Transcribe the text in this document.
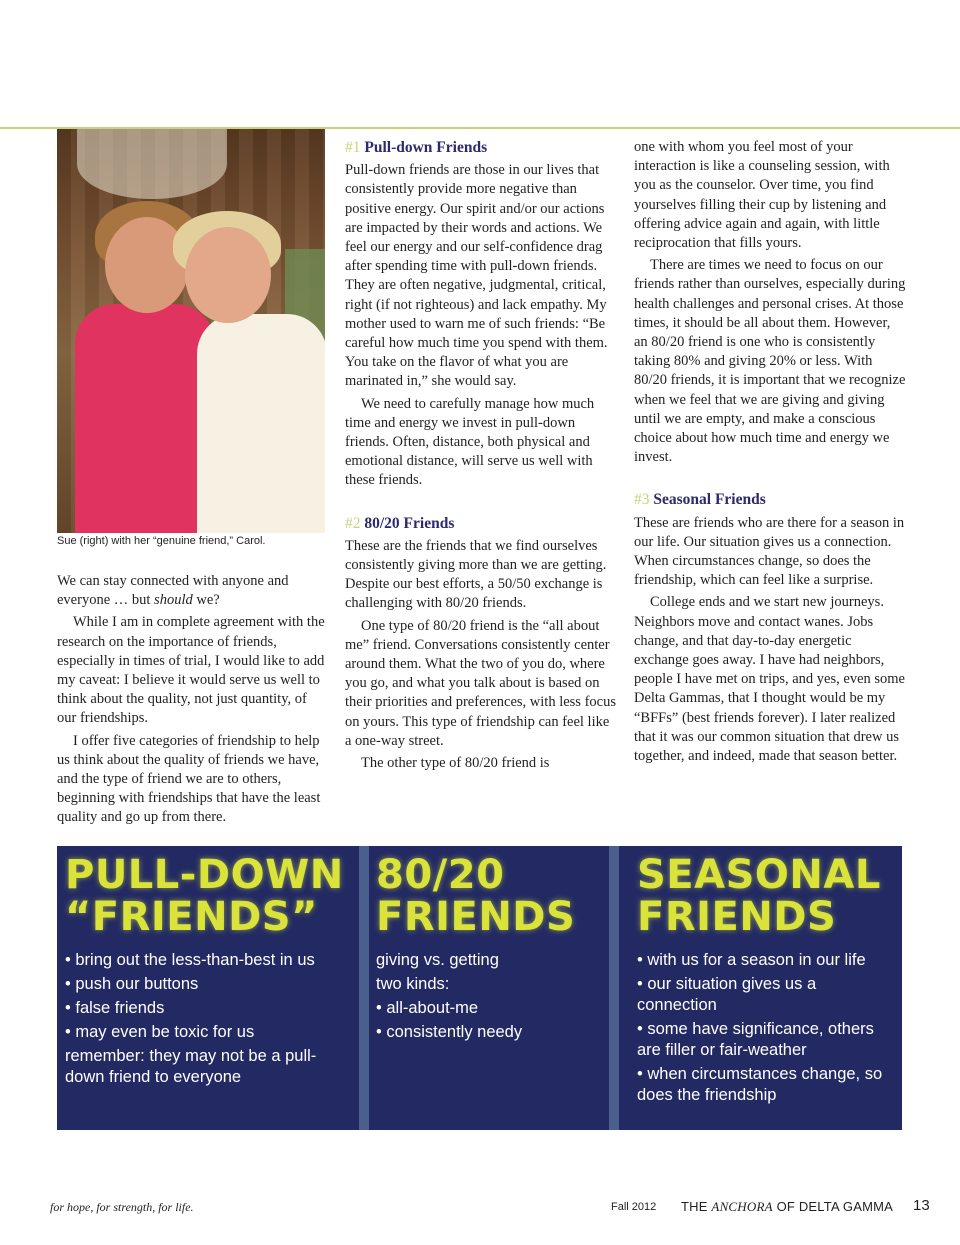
Sue (right) with her “genuine friend,” Carol.

We can stay connected with anyone and everyone … but should we?

While I am in complete agreement with the research on the importance of friends, especially in times of trial, I would like to add my caveat: I believe it would serve us well to think about the quality, not just quantity, of our friendships.

I offer five categories of friendship to help us think about the quality of friends we have, and the type of friend we are to others, beginning with friendships that have the least quality and go up from there.

#1 Pull-down Friends

Pull-down friends are those in our lives that consistently provide more negative than positive energy. Our spirit and/or our actions are impacted by their words and actions. We feel our energy and our self-confidence drag after spending time with pull-down friends. They are often negative, judgmental, critical, right (if not righteous) and lack empathy. My mother used to warn me of such friends: “Be careful how much time you spend with them. You take on the flavor of what you are marinated in,” she would say.

We need to carefully manage how much time and energy we invest in pull-down friends. Often, distance, both physical and emotional distance, will serve us well with these friends.

#2 80/20 Friends

These are the friends that we find ourselves consistently giving more than we are getting. Despite our best efforts, a 50/50 exchange is challenging with 80/20 friends.

One type of 80/20 friend is the “all about me” friend. Conversations consistently center around them. What the two of you do, where you go, and what you talk about is based on their priorities and preferences, with less focus on yours. This type of friendship can feel like a one-way street.

The other type of 80/20 friend is

one with whom you feel most of your interaction is like a counseling session, with you as the counselor. Over time, you find yourselves filling their cup by listening and offering advice again and again, with little reciprocation that fills yours.

There are times we need to focus on our friends rather than ourselves, especially during health challenges and personal crises. At those times, it should be all about them. However, an 80/20 friend is one who is consistently taking 80% and giving 20% or less. With 80/20 friends, it is important that we recognize when we feel that we are giving and giving until we are empty, and make a conscious choice about how much time and energy we invest.

#3 Seasonal Friends

These are friends who are there for a season in our life. Our situation gives us a connection. When circumstances change, so does the friendship, which can feel like a surprise.

College ends and we start new journeys. Neighbors move and contact wanes. Jobs change, and that day-to-day energetic exchange goes away. I have had neighbors, people I have met on trips, and yes, even some Delta Gammas, that I thought would be my “BFFs” (best friends forever). I later realized that it was our common situation that drew us together, and indeed, made that season better.

PULL-DOWN
“FRIENDS”
• bring out the less-than-best in us
• push our buttons
• false friends
• may even be toxic for us
remember: they may not be a pull-down friend to everyone
80/20
FRIENDS
giving vs. getting
two kinds:
• all-about-me
• consistently needy
SEASONAL
FRIENDS
• with us for a season in our life
• our situation gives us a connection
• some have significance, others are filler or fair-weather
• when circumstances change, so does the friendship
for hope, for strength, for life.	Fall 2012 THE ANCHORA OF DELTA GAMMA 13
